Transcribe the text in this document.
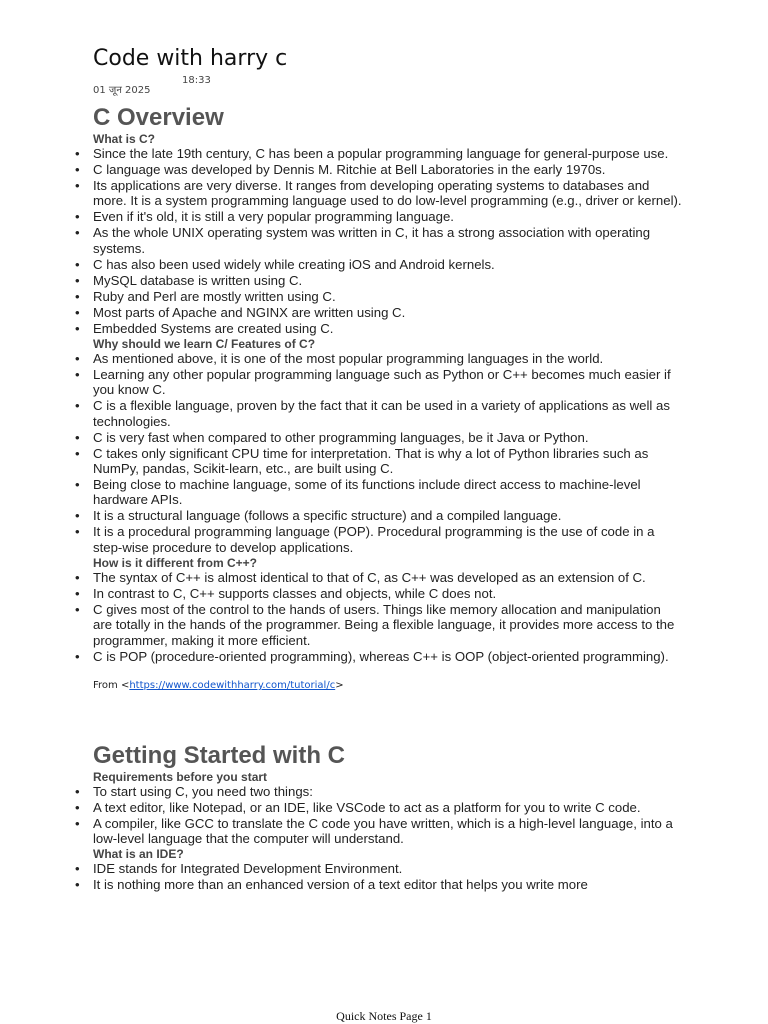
Code with harry c
01 जून 2025
18:33
C Overview
What is C?
• Since the late 19th century, C has been a popular programming language for general-purpose use.
• C language was developed by Dennis M. Ritchie at Bell Laboratories in the early 1970s.
• Its applications are very diverse. It ranges from developing operating systems to databases and more. It is a system programming language used to do low-level programming (e.g., driver or kernel).
• Even if it's old, it is still a very popular programming language.
• As the whole UNIX operating system was written in C, it has a strong association with operating systems.
• C has also been used widely while creating iOS and Android kernels.
• MySQL database is written using C.
• Ruby and Perl are mostly written using C.
• Most parts of Apache and NGINX are written using C.
• Embedded Systems are created using C.
Why should we learn C/ Features of C?
• As mentioned above, it is one of the most popular programming languages in the world.
• Learning any other popular programming language such as Python or C++ becomes much easier if you know C.
• C is a flexible language, proven by the fact that it can be used in a variety of applications as well as technologies.
• C is very fast when compared to other programming languages, be it Java or Python.
• C takes only significant CPU time for interpretation. That is why a lot of Python libraries such as NumPy, pandas, Scikit-learn, etc., are built using C.
• Being close to machine language, some of its functions include direct access to machine-level hardware APIs.
• It is a structural language (follows a specific structure) and a compiled language.
• It is a procedural programming language (POP). Procedural programming is the use of code in a step-wise procedure to develop applications.
How is it different from C++?
• The syntax of C++ is almost identical to that of C, as C++ was developed as an extension of C.
• In contrast to C, C++ supports classes and objects, while C does not.
• C gives most of the control to the hands of users. Things like memory allocation and manipulation are totally in the hands of the programmer. Being a flexible language, it provides more access to the programmer, making it more efficient.
• C is POP (procedure-oriented programming), whereas C++ is OOP (object-oriented programming).
From <https://www.codewithharry.com/tutorial/c>
Getting Started with C
Requirements before you start
• To start using C, you need two things:
• A text editor, like Notepad, or an IDE, like VSCode to act as a platform for you to write C code.
• A compiler, like GCC to translate the C code you have written, which is a high-level language, into a low-level language that the computer will understand.
What is an IDE?
• IDE stands for Integrated Development Environment.
• It is nothing more than an enhanced version of a text editor that helps you write more
Quick Notes Page 1
